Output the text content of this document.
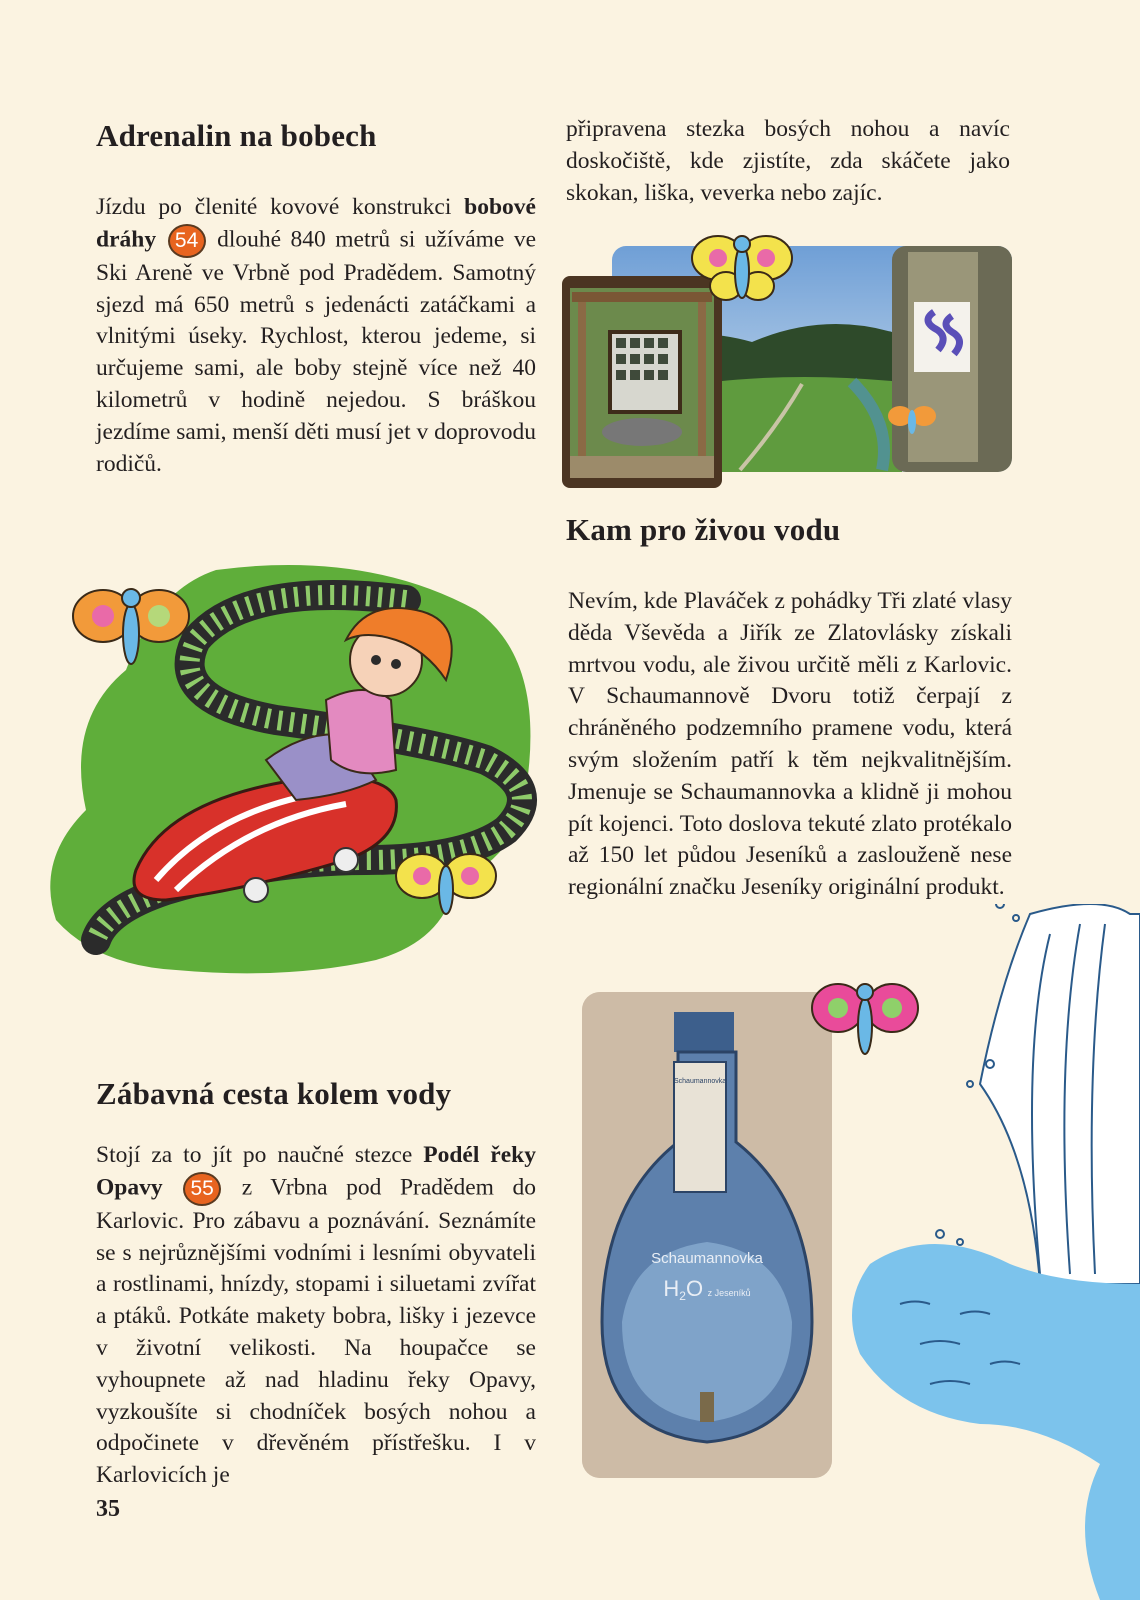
Adrenalin na bobech
Jízdu po členité kovové konstrukci bobové dráhy 54 dlouhé 840 metrů si užíváme ve Ski Areně ve Vrbně pod Pradědem. Samotný sjezd má 650 metrů s jedenácti zatáčkami a vlnitými úseky. Rychlost, kterou jedeme, si určujeme sami, ale boby stejně více než 40 kilometrů v hodině nejedou. S bráškou jezdíme sami, menší děti musí jet v doprovodu rodičů.
připravena stezka bosých nohou a navíc doskočiště, kde zjistíte, zda skáčete jako skokan, liška, veverka nebo zajíc.
Kam pro živou vodu
Nevím, kde Plaváček z pohádky Tři zlaté vlasy děda Vševěda a Jiřík ze Zlatovlásky získali mrtvou vodu, ale živou určitě měli z Karlovic. V Schaumannově Dvoru totiž čerpají z chráněného podzemního pramene vodu, která svým složením patří k těm nejkvalitnějším. Jmenuje se Schaumannovka a klidně ji mohou pít kojenci. Toto doslova tekuté zlato protékalo až 150 let půdou Jeseníků a zaslouženě nese regionální značku Jeseníky originální produkt.
Zábavná cesta kolem vody
Stojí za to jít po naučné stezce Podél řeky Opavy 55 z Vrbna pod Pradědem do Karlovic. Pro zábavu a poznávání. Seznámíte se s nejrůznějšími vodními i lesními obyvateli a rostlinami, hnízdy, stopami i siluetami zvířat a ptáků. Potkáte makety bobra, lišky i jezevce v životní velikosti. Na houpačce se vyhoupnete až nad hladinu řeky Opavy, vyzkoušíte si chodníček bosých nohou a odpočinete v dřevěném přístřešku. I v Karlovicích je
Schaumannovka
Schaumannovka
$H_2O$ z Jeseníků
35
